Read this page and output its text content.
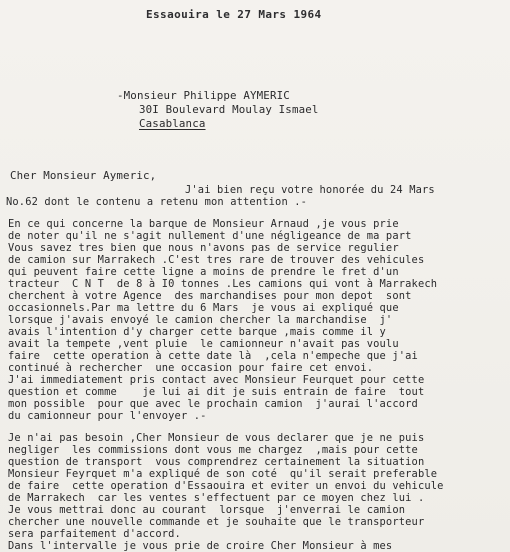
Essaouira le 27 Mars 1964
-Monsieur Philippe AYMERIC
30I Boulevard Moulay Ismael
Casablanca
Cher Monsieur Aymeric,
J'ai bien reçu votre honorée du 24 Mars
No.62 dont le contenu a retenu mon attention .-
En ce qui concerne la barque de Monsieur Arnaud ,je vous prie
de noter qu'il ne s'agit nullement d'une négligeance de ma part
Vous savez tres bien que nous n'avons pas de service regulier
de camion sur Marrakech .C'est tres rare de trouver des vehicules
qui peuvent faire cette ligne a moins de prendre le fret d'un
tracteur  C N T  de 8 à I0 tonnes .Les camions qui vont à Marrakech
cherchent à votre Agence  des marchandises pour mon depot  sont
occasionnels.Par ma lettre du 6 Mars  je vous ai expliqué que
lorsque j'avais envoyé le camion chercher la marchandise  j'
avais l'intention d'y charger cette barque ,mais comme il y
avait la tempete ,vent pluie  le camionneur n'avait pas voulu
faire  cette operation à cette date là  ,cela n'empeche que j'ai
continué à rechercher  une occasion pour faire cet envoi.
J'ai immediatement pris contact avec Monsieur Feurquet pour cette
question et comme    je lui ai dit je suis entrain de faire  tout
mon possible  pour que avec le prochain camion  j'aurai l'accord
du camionneur pour l'envoyer .-
Je n'ai pas besoin ,Cher Monsieur de vous declarer que je ne puis
negliger  les commissions dont vous me chargez  ,mais pour cette
question de transport  vous comprendrez certainement la situation
Monsieur Feyrquet m'a expliqué de son coté  qu'il serait preferable
de faire  cette operation d'Essaouira et eviter un envoi du vehicule
de Marrakech  car les ventes s'effectuent par ce moyen chez lui .
Je vous mettrai donc au courant  lorsque  j'enverrai le camion
chercher une nouvelle commande et je souhaite que le transporteur
sera parfaitement d'accord.
Dans l'intervalle je vous prie de croire Cher Monsieur à mes
